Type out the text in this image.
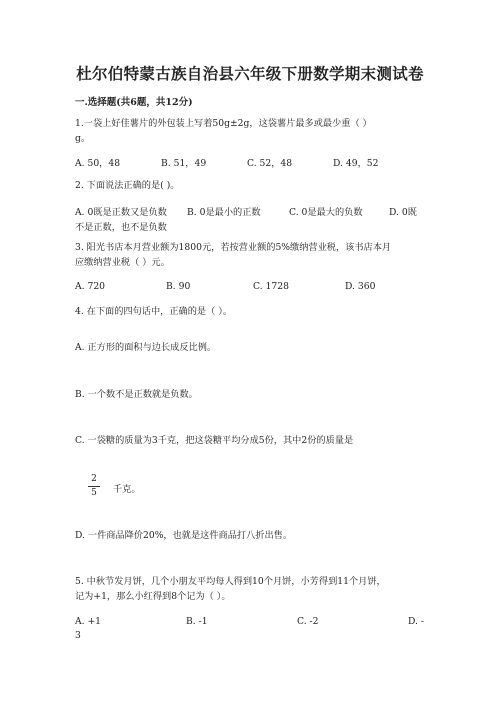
杜尔伯特蒙古族自治县六年级下册数学期末测试卷
一.选择题(共6题，共12分)
1.一袋上好佳薯片的外包装上写着50g±2g，这袋薯片最多或最少重（ ）
g。
A. 50，48	B. 51，49	C. 52，48	D. 49，52
2. 下面说法正确的是( )。
A. 0既是正数又是负数 B. 0是最小的正数	C. 0是最大的负数	D. 0既
不是正数，也不是负数
3. 阳光书店本月营业额为1800元，若按营业额的5%缴纳营业税，该书店本月
应缴纳营业税（ ）元。
A. 720	B. 90	C. 1728	D. 360
4. 在下面的四句话中，正确的是（ ）。
A. 正方形的面积与边长成反比例。
B. 一个数不是正数就是负数。
C. 一袋糖的质量为3千克，把这袋糖平均分成5份，其中2份的质量是
2
5	千克。
D. 一件商品降价20%，也就是这件商品打八折出售。
5. 中秋节发月饼，几个小朋友平均每人得到10个月饼，小芳得到11个月饼，
记为+1，那么小红得到8个记为（ ）。
A. +1	B. -1	C. -2	D. -
3
